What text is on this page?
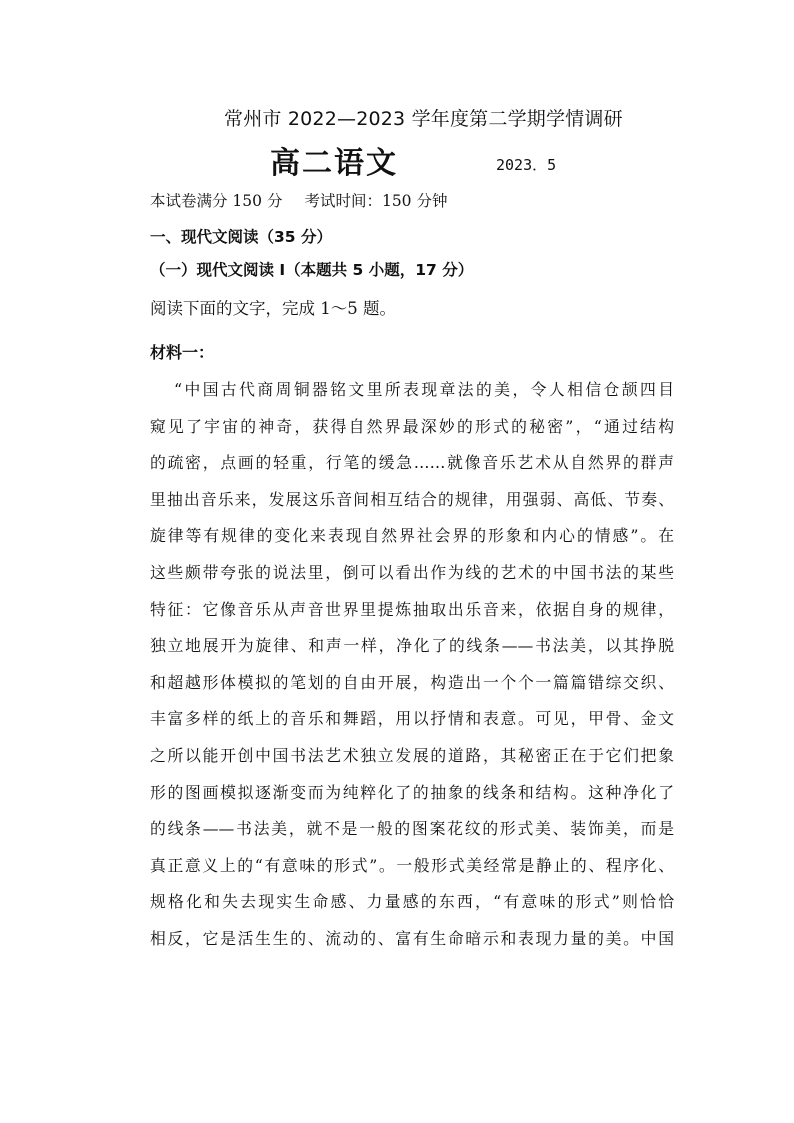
常州市 2022—2023 学年度第二学期学情调研
高二语文	2023．5
本试卷满分 150 分 考试时间：150 分钟
一、现代文阅读（35 分）
（一）现代文阅读 I（本题共 5 小题，17 分）
阅读下面的文字，完成 1～5 题。
材料一：
“中国古代商周铜器铭文里所表现章法的美，令人相信仓颉四目
窥见了宇宙的神奇，获得自然界最深妙的形式的秘密”，“通过结构
的疏密，点画的轻重，行笔的缓急……就像音乐艺术从自然界的群声
里抽出音乐来，发展这乐音间相互结合的规律，用强弱、高低、节奏、
旋律等有规律的变化来表现自然界社会界的形象和内心的情感”。在
这些颇带夸张的说法里，倒可以看出作为线的艺术的中国书法的某些
特征：它像音乐从声音世界里提炼抽取出乐音来，依据自身的规律，
独立地展开为旋律、和声一样，净化了的线条——书法美，以其挣脱
和超越形体模拟的笔划的自由开展，构造出一个个一篇篇错综交织、
丰富多样的纸上的音乐和舞蹈，用以抒情和表意。可见，甲骨、金文
之所以能开创中国书法艺术独立发展的道路，其秘密正在于它们把象
形的图画模拟逐渐变而为纯粹化了的抽象的线条和结构。这种净化了
的线条——书法美，就不是一般的图案花纹的形式美、装饰美，而是
真正意义上的“有意味的形式”。一般形式美经常是静止的、程序化、
规格化和失去现实生命感、力量感的东西，“有意味的形式”则恰恰
相反，它是活生生的、流动的、富有生命暗示和表现力量的美。中国
